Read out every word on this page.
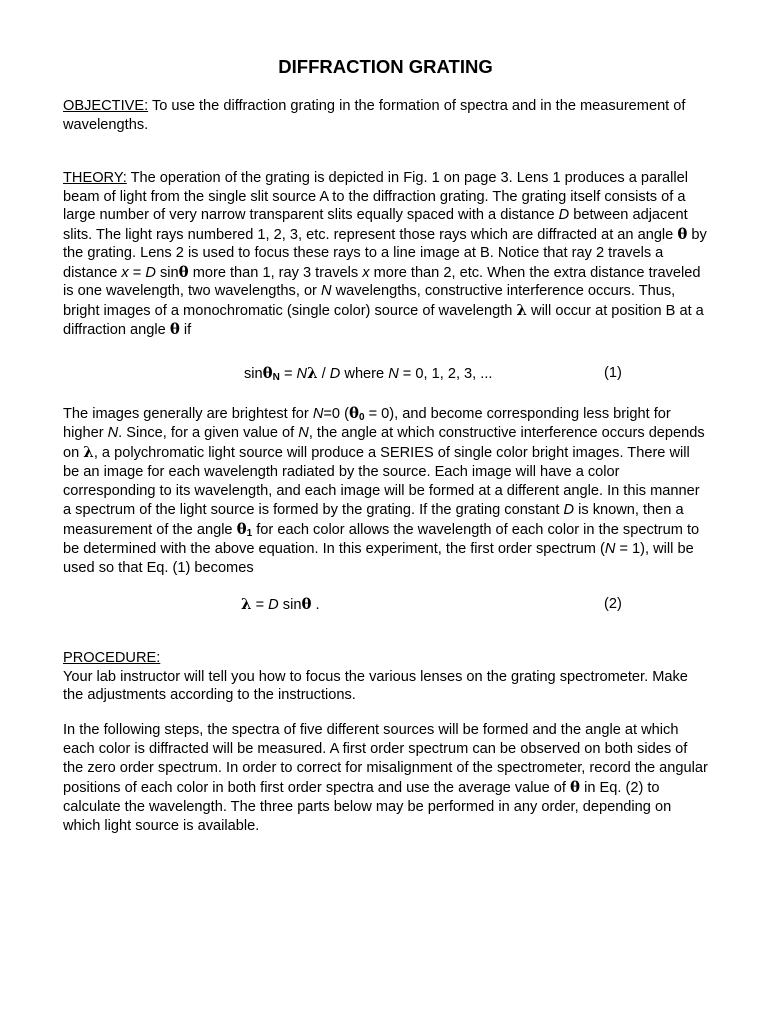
DIFFRACTION GRATING

OBJECTIVE: To use the diffraction grating in the formation of spectra and in the measurement of wavelengths.

THEORY: The operation of the grating is depicted in Fig. 1 on page 3. Lens 1 produces a parallel beam of light from the single slit source A to the diffraction grating. The grating itself consists of a large number of very narrow transparent slits equally spaced with a distance D between adjacent slits. The light rays numbered 1, 2, 3, etc. represent those rays which are diffracted at an angle θ by the grating. Lens 2 is used to focus these rays to a line image at B. Notice that ray 2 travels a distance x = D sinθ more than 1, ray 3 travels x more than 2, etc. When the extra distance traveled is one wavelength, two wavelengths, or N wavelengths, constructive interference occurs. Thus, bright images of a monochromatic (single color) source of wavelength λ will occur at position B at a diffraction angle θ if

sinθ$_N$ = Nλ / D where N = 0, 1, 2, 3, ...	(1)

The images generally are brightest for N=0 $(\theta_0 = 0)$, and become corresponding less bright for higher N. Since, for a given value of N, the angle at which constructive interference occurs depends on λ, a polychromatic light source will produce a SERIES of single color bright images. There will be an image for each wavelength radiated by the source. Each image will have a color corresponding to its wavelength, and each image will be formed at a different angle. In this manner a spectrum of the light source is formed by the grating. If the grating constant D is known, then a measurement of the angle $\theta_1$ for each color allows the wavelength of each color in the spectrum to be determined with the above equation. In this experiment, the first order spectrum (N = 1), will be used so that Eq. (1) becomes

λ = D sinθ .	(2)

PROCEDURE:
Your lab instructor will tell you how to focus the various lenses on the grating spectrometer. Make the adjustments according to the instructions.

In the following steps, the spectra of five different sources will be formed and the angle at which each color is diffracted will be measured. A first order spectrum can be observed on both sides of the zero order spectrum. In order to correct for misalignment of the spectrometer, record the angular positions of each color in both first order spectra and use the average value of θ in Eq. (2) to calculate the wavelength. The three parts below may be performed in any order, depending on which light source is available.
